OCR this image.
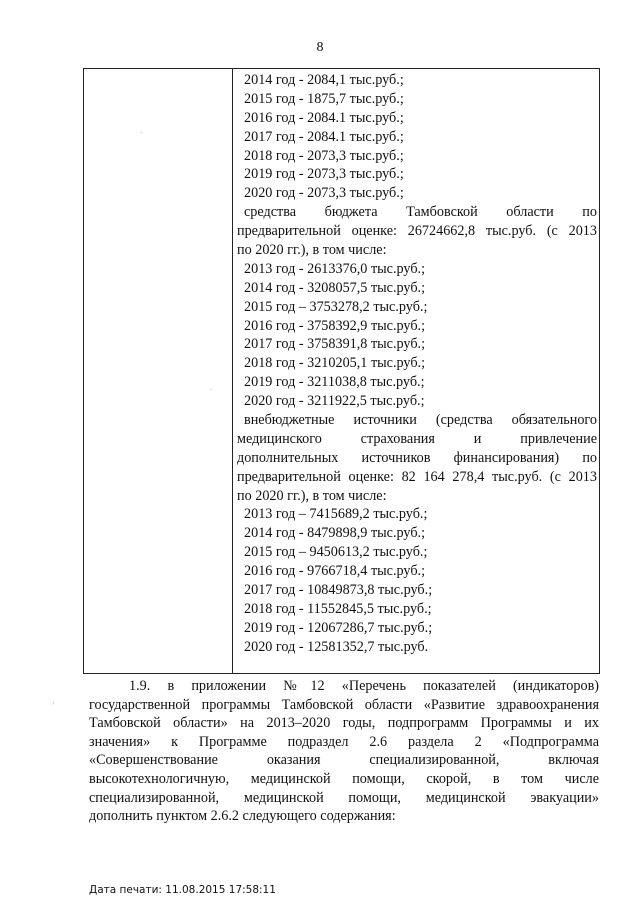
8
2014 год - 2084,1 тыс.руб.;
2015 год - 1875,7 тыс.руб.;
2016 год - 2084.1 тыс.руб.;
2017 год - 2084.1 тыс.руб.;
2018 год - 2073,3 тыс.руб.;
2019 год - 2073,3 тыс.руб.;
2020 год - 2073,3 тыс.руб.;
средства бюджета Тамбовской области по
предварительной оценке: 26724662,8 тыс.руб. (с 2013
по 2020 гг.), в том числе:
2013 год - 2613376,0 тыс.руб.;
2014 год - 3208057,5 тыс.руб.;
2015 год – 3753278,2 тыс.руб.;
2016 год - 3758392,9 тыс.руб.;
2017 год - 3758391,8 тыс.руб.;
2018 год - 3210205,1 тыс.руб.;
2019 год - 3211038,8 тыс.руб.;
2020 год - 3211922,5 тыс.руб.;
внебюджетные источники (средства обязательного
медицинского страхования и привлечение
дополнительных источников финансирования) по
предварительной оценке: 82 164 278,4 тыс.руб. (с 2013
по 2020 гг.), в том числе:
2013 год – 7415689,2 тыс.руб.;
2014 год - 8479898,9 тыс.руб.;
2015 год – 9450613,2 тыс.руб.;
2016 год - 9766718,4 тыс.руб.;
2017 год - 10849873,8 тыс.руб.;
2018 год - 11552845,5 тыс.руб.;
2019 год - 12067286,7 тыс.руб.;
2020 год - 12581352,7 тыс.руб.
1.9. в приложении №12 «Перечень показателей (индикаторов)
государственной программы Тамбовской области «Развитие здравоохранения
Тамбовской области» на 2013–2020 годы, подпрограмм Программы и их
значения» к Программе подраздел 2.6 раздела 2 «Подпрограмма
«Совершенствование оказания специализированной, включая
высокотехнологичную, медицинской помощи, скорой, в том числе
специализированной, медицинской помощи, медицинской эвакуации»
дополнить пунктом 2.6.2 следующего содержания:
Дата печати: 11.08.2015 17:58:11
.
.
,
